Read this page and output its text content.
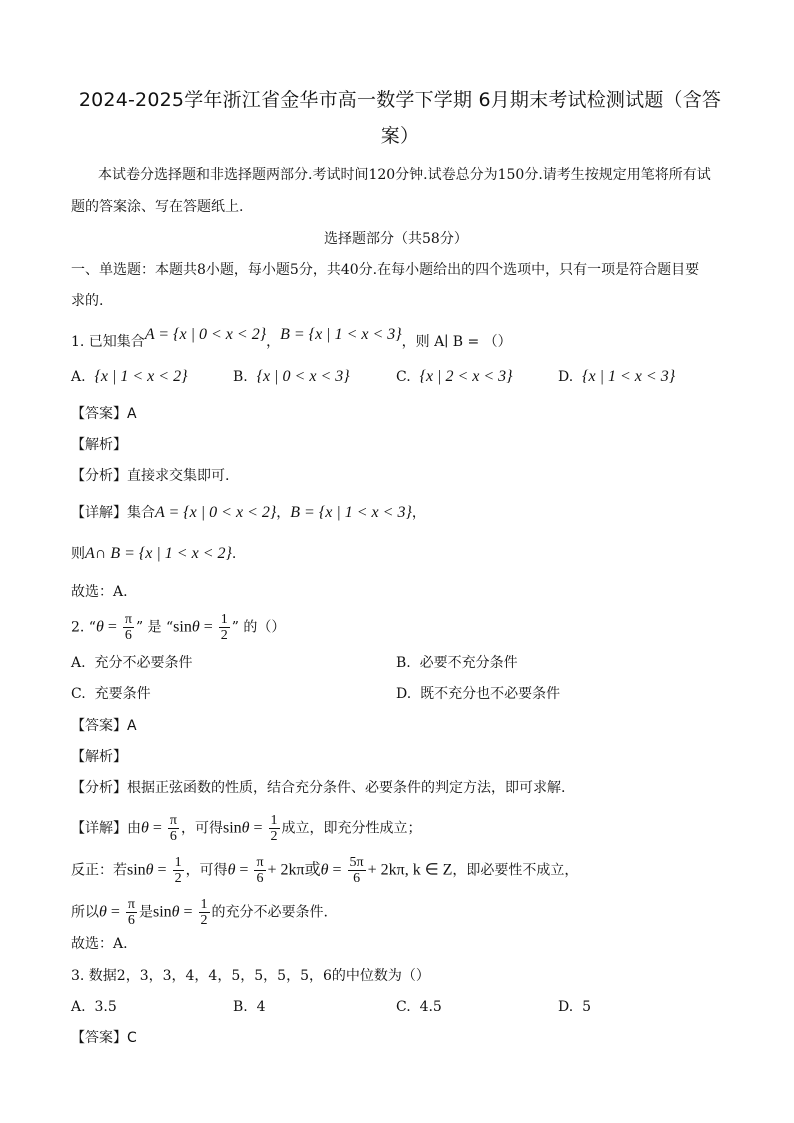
2024-2025学年浙江省金华市高一数学下学期 6月期末考试检测试题（含答案）
本试卷分选择题和非选择题两部分.考试时间120分钟.试卷总分为150分.请考生按规定用笔将所有试
题的答案涂、写在答题纸上.
选择题部分（共58分）
一、单选题：本题共8小题，每小题5分，共40分.在每小题给出的四个选项中，只有一项是符合题目要
求的.
1. 已知集合A = {x | 0 < x < 2}，B = {x | 1 < x < 3}，则 A∣ B = （）
A. {x | 1 < x < 2}	B. {x | 0 < x < 3}	C. {x | 2 < x < 3}	D. {x | 1 < x < 3}
【答案】A
【解析】
【分析】直接求交集即可.
【详解】集合A = {x | 0 < x < 2}，B = {x | 1 < x < 3}，
则A∩ B = {x | 1 < x < 2}.
故选：A.
2. “$\theta = \frac{\pi}{6}$ ” 是 “$\sin\theta = \frac{1}{2}$ ” 的（）
A. 充分不必要条件	B. 必要不充分条件
C. 充要条件	D. 既不充分也不必要条件
【答案】A
【解析】
【分析】根据正弦函数的性质，结合充分条件、必要条件的判定方法，即可求解.
【详解】由$\theta = \frac{\pi}{6}$ ，可得$\sin\theta = \frac{1}{2}$ 成立，即充分性成立；
反正：若$\sin\theta = \frac{1}{2}$ ，可得$\theta = \frac{\pi}{6} + 2k\pi$或$\theta = \frac{5\pi}{6} + 2k\pi$, k ∈ Z，即必要性不成立，
所以$\theta = \frac{\pi}{6}$ 是$\sin\theta = \frac{1}{2}$ 的充分不必要条件.
故选：A.
3. 数据2，3，3，4，4，5，5，5，5，6的中位数为（）
A. 3.5	B. 4	C. 4.5	D. 5
【答案】C
